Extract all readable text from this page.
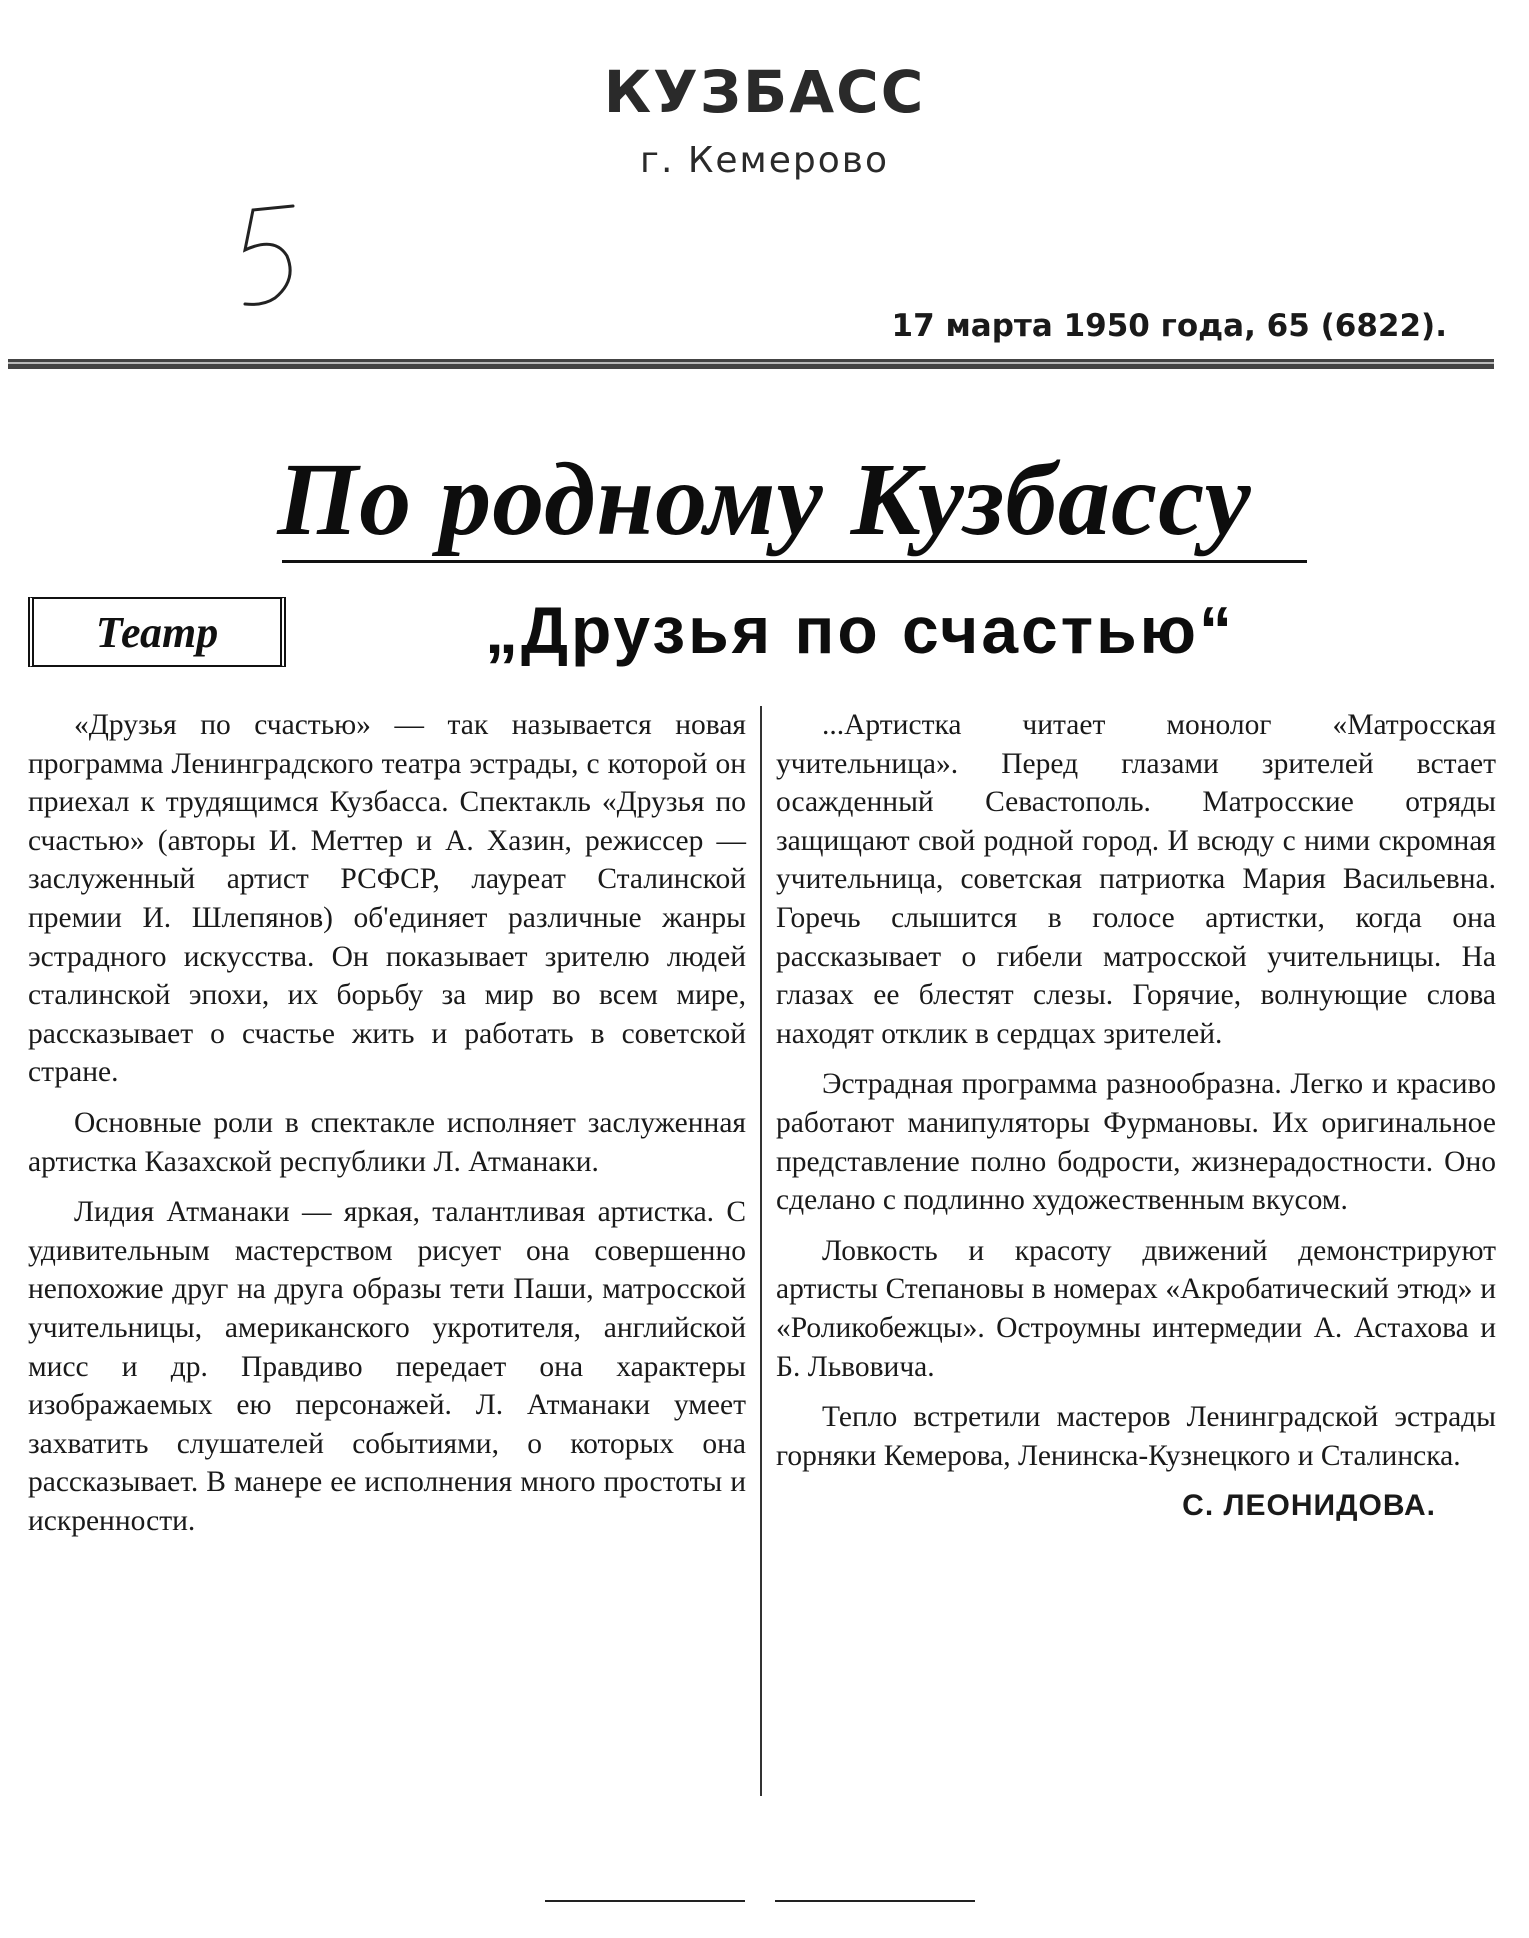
КУЗБАСС
г. Кемерово
17 марта 1950 года, 65 (6822).
По родному Кузбассу
Театр	„Друзья по счастью“

«Друзья по счастью» — так называется новая программа Ленинградского театра эстрады, с которой он приехал к трудящимся Кузбасса. Спектакль «Друзья по счастью» (авторы И. Меттер и А. Хазин, режиссер — заслуженный артист РСФСР, лауреат Сталинской премии И. Шлепянов) об'единяет различные жанры эстрадного искусства. Он показывает зрителю людей сталинской эпохи, их борьбу за мир во всем мире, рассказывает о счастье жить и работать в советской стране.

Основные роли в спектакле исполняет заслуженная артистка Казахской республики Л. Атманаки.

Лидия Атманаки — яркая, талантливая артистка. С удивительным мастерством рисует она совершенно непохожие друг на друга образы тети Паши, матросской учительницы, американского укротителя, английской мисс и др. Правдиво передает она характеры изображаемых ею персонажей. Л. Атманаки умеет захватить слушателей событиями, о которых она рассказывает. В манере ее исполнения много простоты и искренности.

...Артистка читает монолог «Матросская учительница». Перед глазами зрителей встает осажденный Севастополь. Матросские отряды защищают свой родной город. И всюду с ними скромная учительница, советская патриотка Мария Васильевна. Горечь слышится в голосе артистки, когда она рассказывает о гибели матросской учительницы. На глазах ее блестят слезы. Горячие, волнующие слова находят отклик в сердцах зрителей.

Эстрадная программа разнообразна. Легко и красиво работают манипуляторы Фурмановы. Их оригинальное представление полно бодрости, жизнерадостности. Оно сделано с подлинно художественным вкусом.

Ловкость и красоту движений демонстрируют артисты Степановы в номерах «Акробатический этюд» и «Роликобежцы». Остроумны интермедии А. Астахова и Б. Львовича.

Тепло встретили мастеров Ленинградской эстрады горняки Кемерова, Ленинска-Кузнецкого и Сталинска.

С. ЛЕОНИДОВА.
